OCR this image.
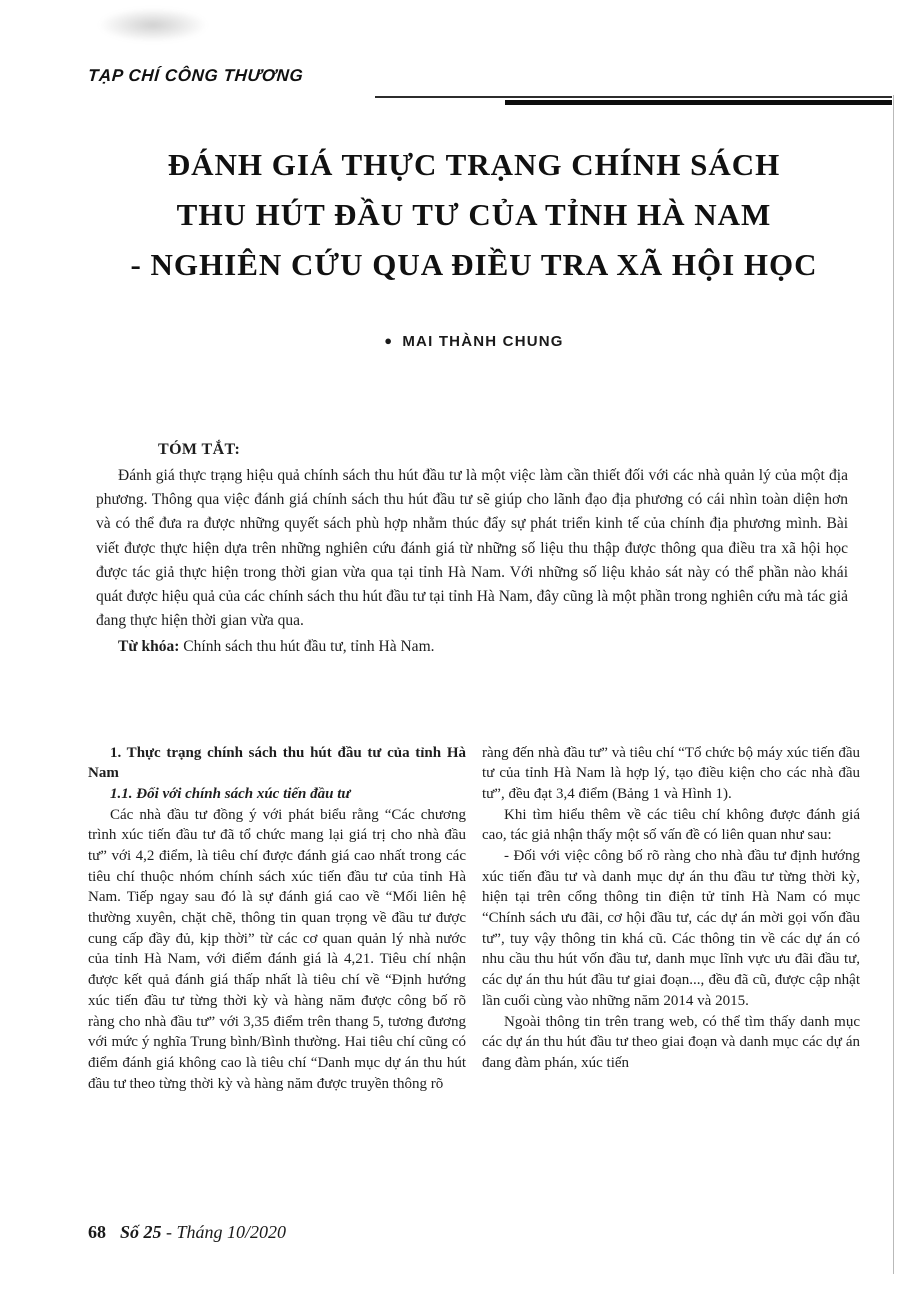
TẠP CHÍ CÔNG THƯƠNG
ĐÁNH GIÁ THỰC TRẠNG CHÍNH SÁCH
THU HÚT ĐẦU TƯ CỦA TỈNH HÀ NAM
- NGHIÊN CỨU QUA ĐIỀU TRA XÃ HỘI HỌC
● MAI THÀNH CHUNG

TÓM TẮT:

Đánh giá thực trạng hiệu quả chính sách thu hút đầu tư là một việc làm cần thiết đối với các nhà quản lý của một địa phương. Thông qua việc đánh giá chính sách thu hút đầu tư sẽ giúp cho lãnh đạo địa phương có cái nhìn toàn diện hơn và có thể đưa ra được những quyết sách phù hợp nhằm thúc đẩy sự phát triển kinh tế của chính địa phương mình. Bài viết được thực hiện dựa trên những nghiên cứu đánh giá từ những số liệu thu thập được thông qua điều tra xã hội học được tác giả thực hiện trong thời gian vừa qua tại tỉnh Hà Nam. Với những số liệu khảo sát này có thể phần nào khái quát được hiệu quả của các chính sách thu hút đầu tư tại tỉnh Hà Nam, đây cũng là một phần trong nghiên cứu mà tác giả đang thực hiện thời gian vừa qua.

Từ khóa: Chính sách thu hút đầu tư, tỉnh Hà Nam.

1. Thực trạng chính sách thu hút đầu tư của tỉnh Hà Nam

1.1. Đối với chính sách xúc tiến đầu tư

Các nhà đầu tư đồng ý với phát biểu rằng “Các chương trình xúc tiến đầu tư đã tổ chức mang lại giá trị cho nhà đầu tư” với 4,2 điểm, là tiêu chí được đánh giá cao nhất trong các tiêu chí thuộc nhóm chính sách xúc tiến đầu tư của tỉnh Hà Nam. Tiếp ngay sau đó là sự đánh giá cao về “Mối liên hệ thường xuyên, chặt chẽ, thông tin quan trọng về đầu tư được cung cấp đầy đủ, kịp thời” từ các cơ quan quản lý nhà nước của tỉnh Hà Nam, với điểm đánh giá là 4,21. Tiêu chí nhận được kết quả đánh giá thấp nhất là tiêu chí về “Định hướng xúc tiến đầu tư từng thời kỳ và hàng năm được công bố rõ ràng cho nhà đầu tư” với 3,35 điểm trên thang 5, tương đương với mức ý nghĩa Trung bình/Bình thường. Hai tiêu chí cũng có điểm đánh giá không cao là tiêu chí “Danh mục dự án thu hút đầu tư theo từng thời kỳ và hàng năm được truyền thông rõ

ràng đến nhà đầu tư” và tiêu chí “Tổ chức bộ máy xúc tiến đầu tư của tỉnh Hà Nam là hợp lý, tạo điều kiện cho các nhà đầu tư”, đều đạt 3,4 điểm (Bảng 1 và Hình 1).

Khi tìm hiểu thêm về các tiêu chí không được đánh giá cao, tác giả nhận thấy một số vấn đề có liên quan như sau:

- Đối với việc công bố rõ ràng cho nhà đầu tư định hướng xúc tiến đầu tư và danh mục dự án thu đầu tư từng thời kỳ, hiện tại trên cổng thông tin điện tử tỉnh Hà Nam có mục “Chính sách ưu đãi, cơ hội đầu tư, các dự án mời gọi vốn đầu tư”, tuy vậy thông tin khá cũ. Các thông tin về các dự án có nhu cầu thu hút vốn đầu tư, danh mục lĩnh vực ưu đãi đầu tư, các dự án thu hút đầu tư giai đoạn..., đều đã cũ, được cập nhật lần cuối cùng vào những năm 2014 và 2015.

Ngoài thông tin trên trang web, có thể tìm thấy danh mục các dự án thu hút đầu tư theo giai đoạn và danh mục các dự án đang đàm phán, xúc tiến

68 Số 25 - Tháng 10/2020
